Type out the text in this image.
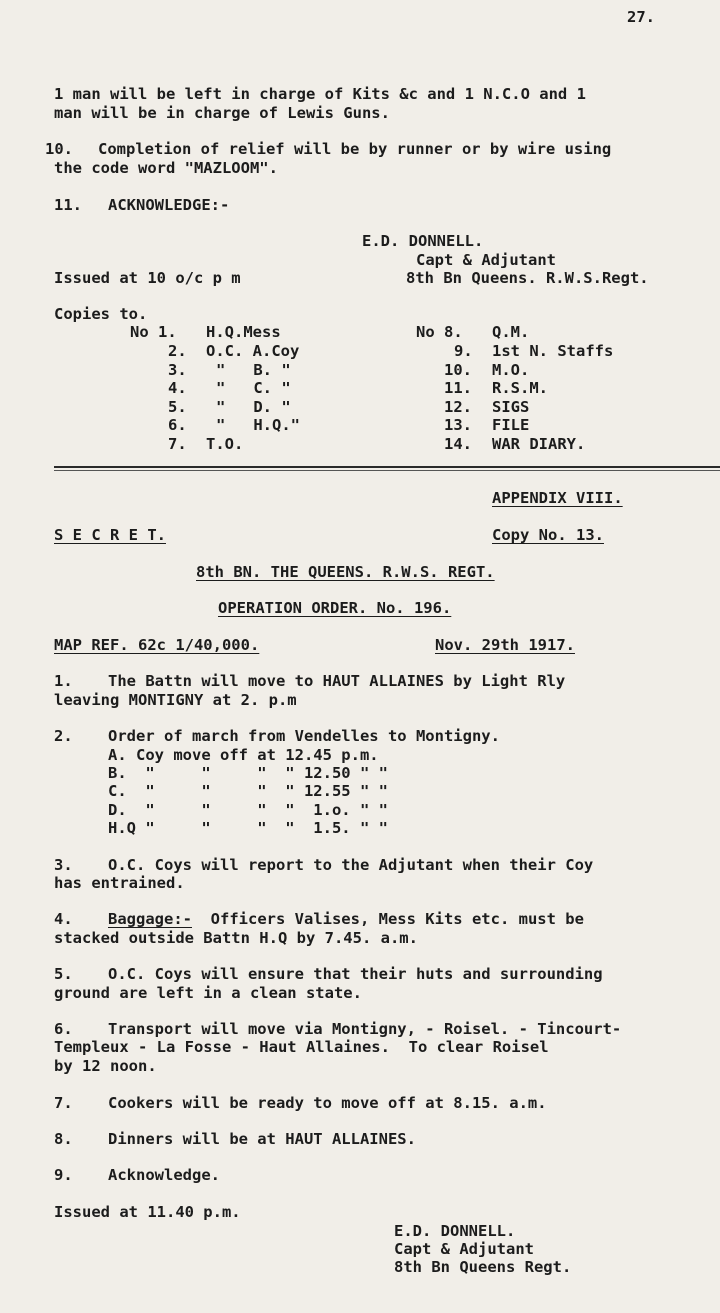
27.
1 man will be left in charge of Kits &c and 1 N.C.O and 1
man will be in charge of Lewis Guns.
10. Completion of relief will be by runner or by wire using
the code word "MAZLOOM".
11. ACKNOWLEDGE:-
E.D. DONNELL.
Capt & Adjutant
Issued at 10 o/c p m	8th Bn Queens. R.W.S.Regt.
Copies to.
No 1. H.Q.Mess
2. O.C. A.Coy
3. "   B. "
4. "   C. "
5. "   D. "
6. "   H.Q."
7. T.O.
No 8. Q.M.
9. 1st N. Staffs
10. M.O.
11. R.S.M.
12. SIGS
13. FILE
14. WAR DIARY.
APPENDIX VIII.
S E C R E T.	Copy No. 13.
8th BN. THE QUEENS. R.W.S. REGT.
OPERATION ORDER. No. 196.
MAP REF. 62c 1/40,000.	Nov. 29th 1917.
1. The Battn will move to HAUT ALLAINES by Light Rly
leaving MONTIGNY at 2. p.m
2. Order of march from Vendelles to Montigny.
A. Coy move off at 12.45 p.m.
B.  "     "     "  " 12.50 " "
C.  "     "     "  " 12.55 " "
D.  "     "     "  "  1.o. " "
H.Q "     "     "  "  1.5. " "
3. O.C. Coys will report to the Adjutant when their Coy
has entrained.
4. Baggage:-  Officers Valises, Mess Kits etc. must be
stacked outside Battn H.Q by 7.45. a.m.
5. O.C. Coys will ensure that their huts and surrounding
ground are left in a clean state.
6. Transport will move via Montigny, - Roisel. - Tincourt-
Templeux - La Fosse - Haut Allaines.  To clear Roisel
by 12 noon.
7. Cookers will be ready to move off at 8.15. a.m.
8. Dinners will be at HAUT ALLAINES.
9. Acknowledge.
Issued at 11.40 p.m.
E.D. DONNELL.
Capt & Adjutant
8th Bn Queens Regt.
